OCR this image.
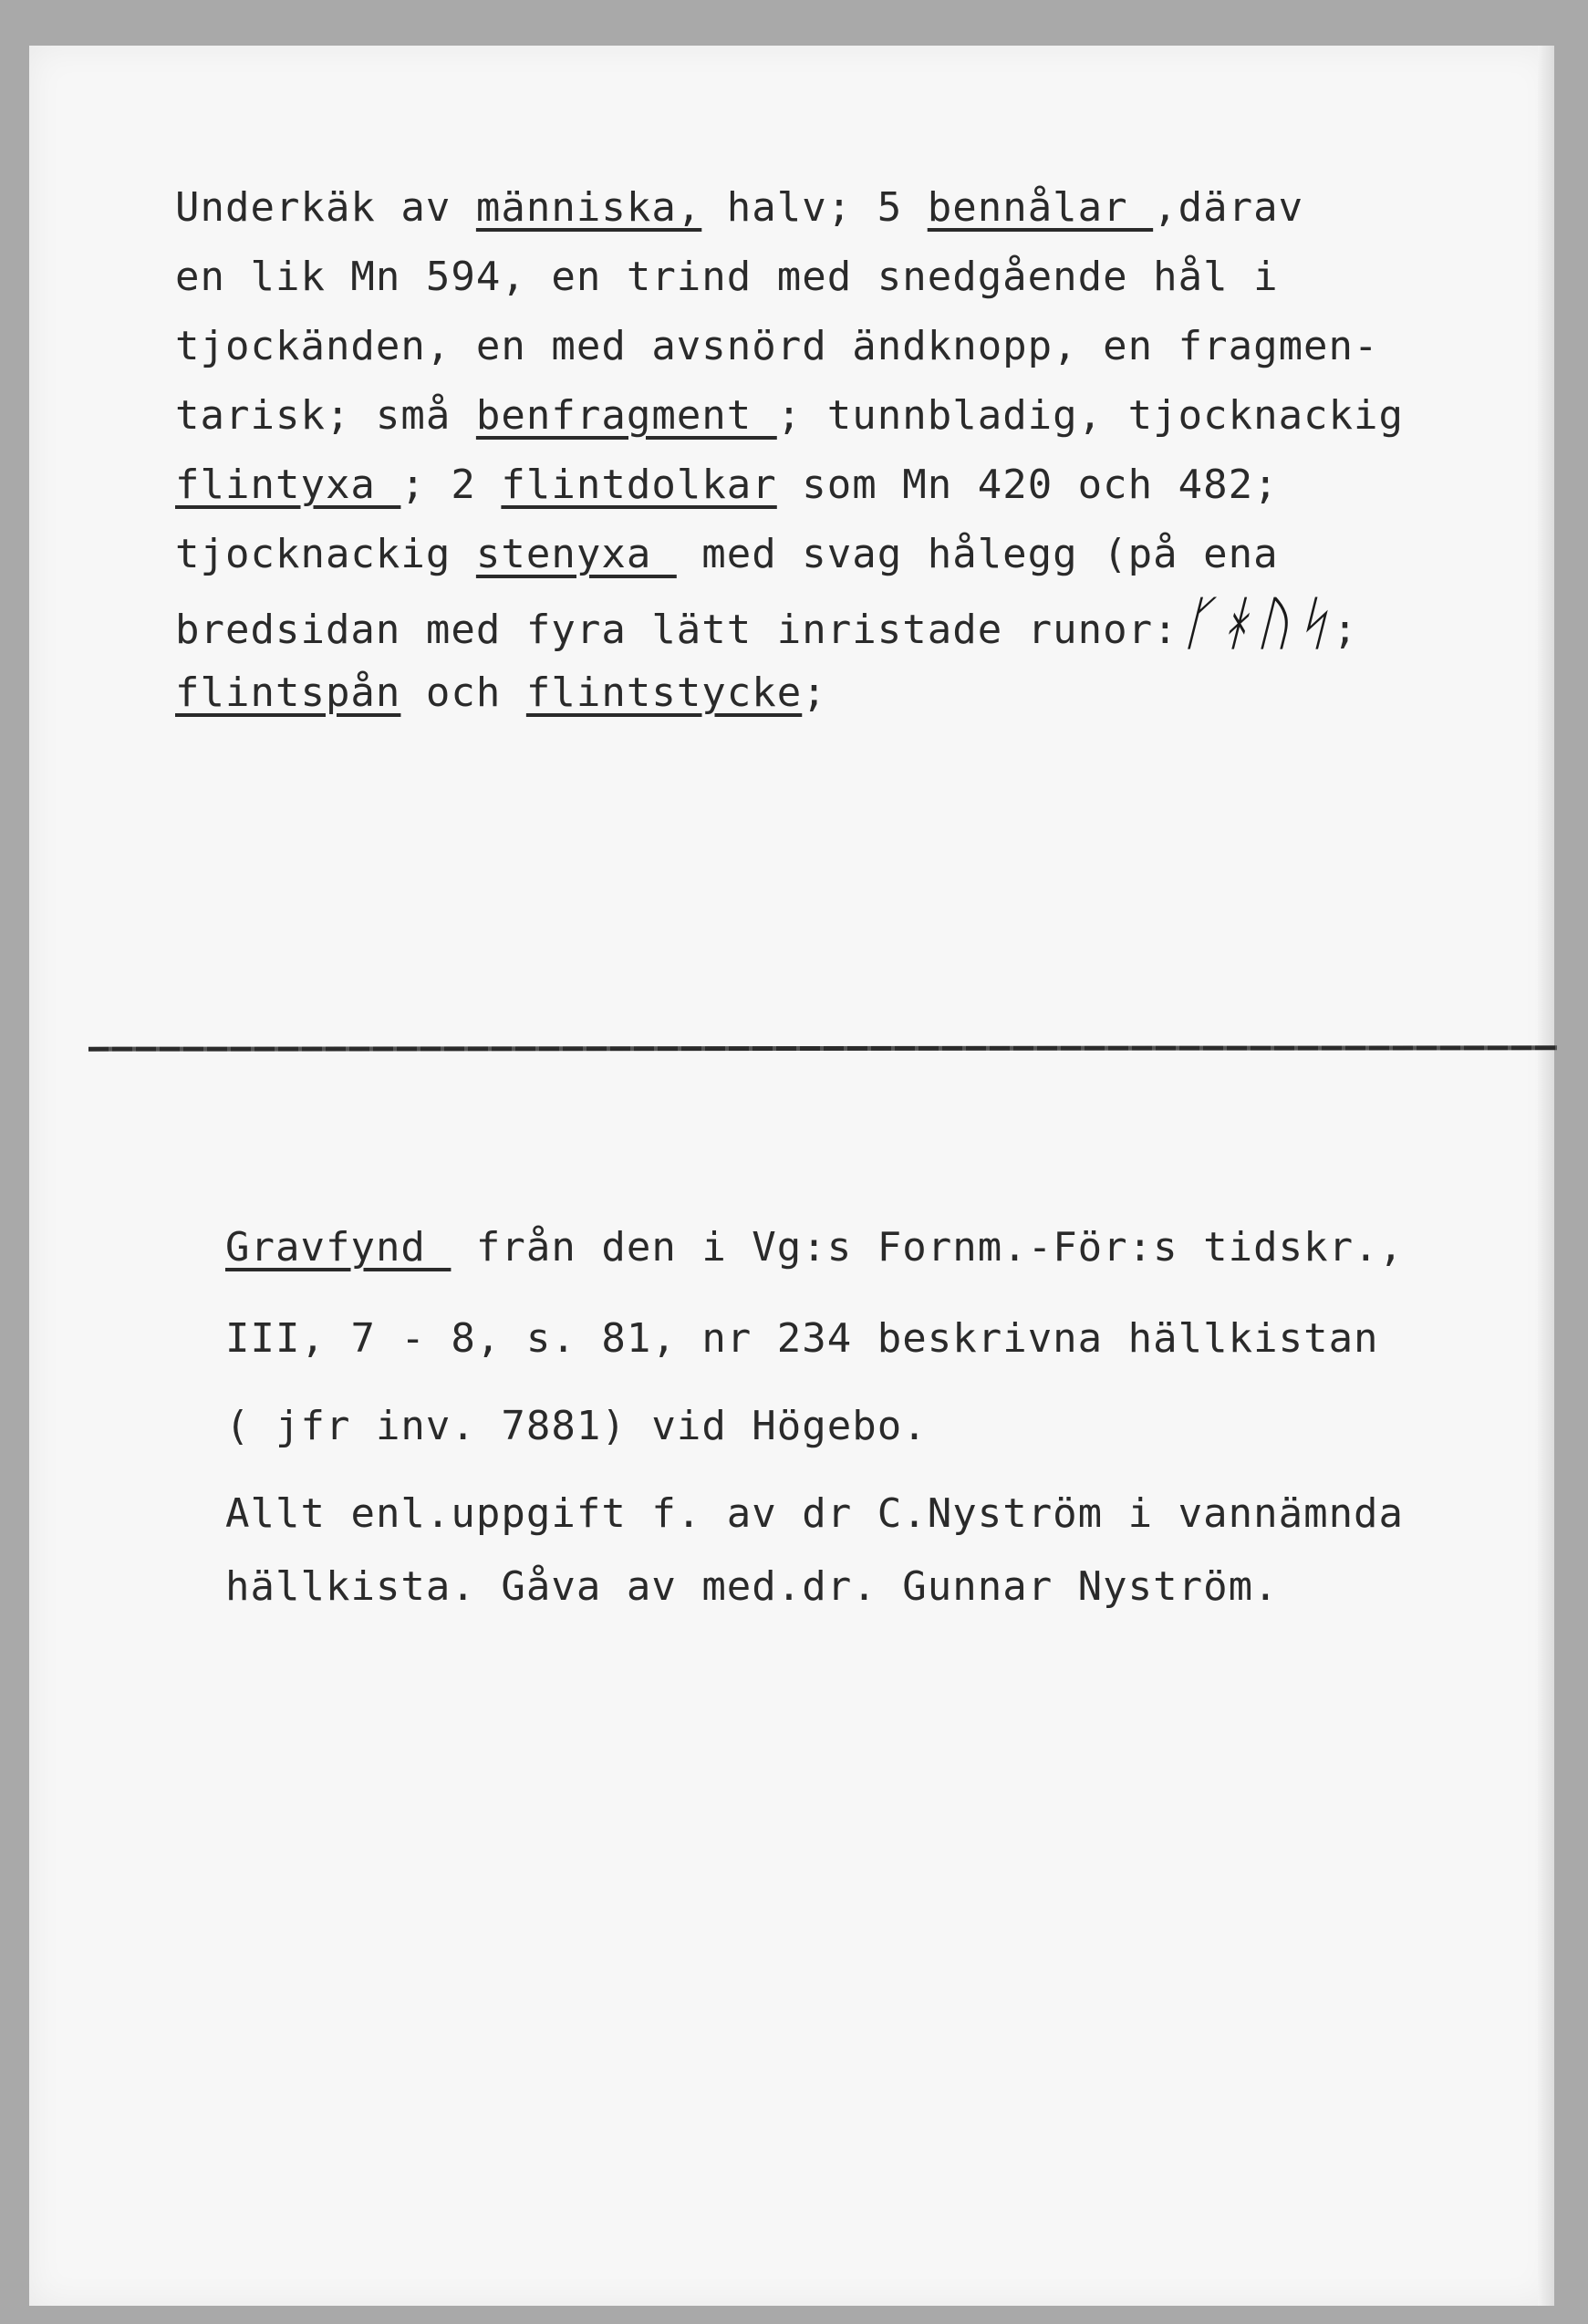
Underkäk av människa, halv; 5 bennålar ,därav

en lik Mn 594, en trind med snedgående hål i

tjockänden, en med avsnörd ändknopp, en fragmen-

tarisk; små benfragment ; tunnbladig, tjocknackig

flintyxa ; 2 flintdolkar som Mn 420 och 482;

tjocknackig stenyxa  med svag hålegg (på ena

bredsidan med fyra lätt inristade runor:ᚴᚼᚢᛋ;

flintspån och flintstycke;

Gravfynd  från den i Vg:s Fornm.-För:s tidskr.,

III, 7 - 8, s. 81, nr 234 beskrivna hällkistan

( jfr inv. 7881) vid Högebo.

Allt enl.uppgift f. av dr C.Nyström i vannämnda

hällkista. Gåva av med.dr. Gunnar Nyström.
